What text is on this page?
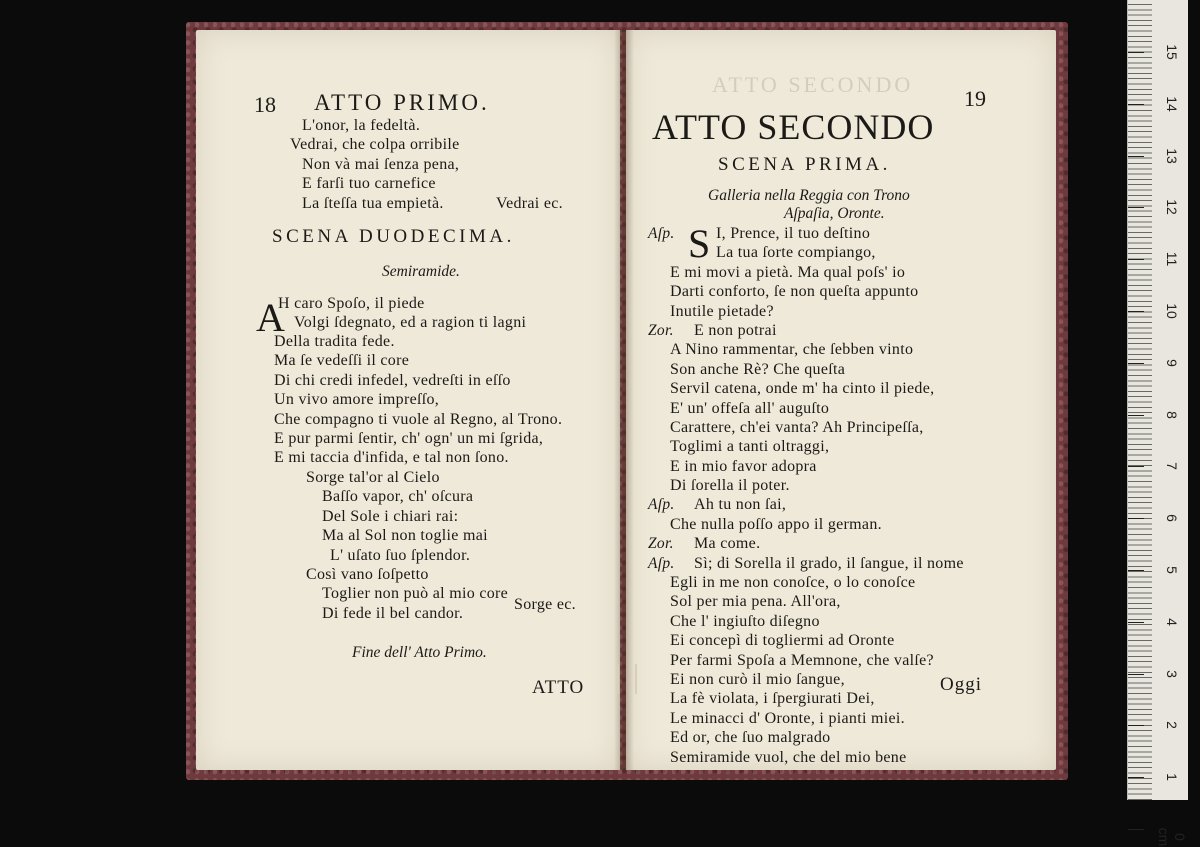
18 ATTO PRIMO.
L'onor, la fedeltà.
Vedrai, che colpa orribile
Non và mai ſenza pena,
E farſi tuo carnefice
La ſteſſa tua empietà.	Vedrai ec.
SCENA DUODECIMA.
Semiramide.
A
H caro Spoſo, il piede
Volgi ſdegnato, ed a ragion ti lagni
Della tradita fede.
Ma ſe vedeſſi il core
Di chi credi infedel, vedreſti in eſſo
Un vivo amore impreſſo,
Che compagno ti vuole al Regno, al Trono.
E pur parmi ſentir, ch' ogn' un mi ſgrida,
E mi taccia d'infida, e tal non ſono.
Sorge tal'or al Cielo
Baſſo vapor, ch' oſcura
Del Sole i chiari rai:
Ma al Sol non toglie mai
L' uſato ſuo ſplendor.
Così vano ſoſpetto
Toglier non può al mio core
Di fede il bel candor.
Sorge ec.
Fine dell' Atto Primo.
ATTO
ATTO SECONDO
19
ATTO SECONDO
SCENA PRIMA.
Galleria nella Reggia con Trono
Aſpaſia, Oronte.
S
Aſp.	I, Prence, il tuo deſtino
La tua ſorte compiango,
E mi movi a pietà. Ma qual poſs' io
Darti conforto, ſe non queſta appunto
Inutile pietade?
Zor. E non potrai
A Nino rammentar, che ſebben vinto
Son anche Rè? Che queſta
Servil catena, onde m' ha cinto il piede,
E' un' offeſa all' auguſto
Carattere, ch'ei vanta? Ah Principeſſa,
Toglimi a tanti oltraggi,
E in mio favor adopra
Di ſorella il poter.
Aſp. Ah tu non ſai,
Che nulla poſſo appo il german.
Zor. Ma come.
Aſp. Sì; di Sorella il grado, il ſangue, il nome
Egli in me non conoſce, o lo conoſce
Sol per mia pena. All'ora,
Che l' ingiuſto diſegno
Ei concepì di togliermi ad Oronte
Per farmi Spoſa a Memnone, che valſe?
Ei non curò il mio ſangue,
La fè violata, i ſpergiurati Dei,
Le minacci d' Oronte, i pianti miei.
Ed or, che ſuo malgrado
Semiramide vuol, che del mio bene
Oggi
15
14
13
12
11
10
9
8
7
6
5
4
3
2
1
0 cm
